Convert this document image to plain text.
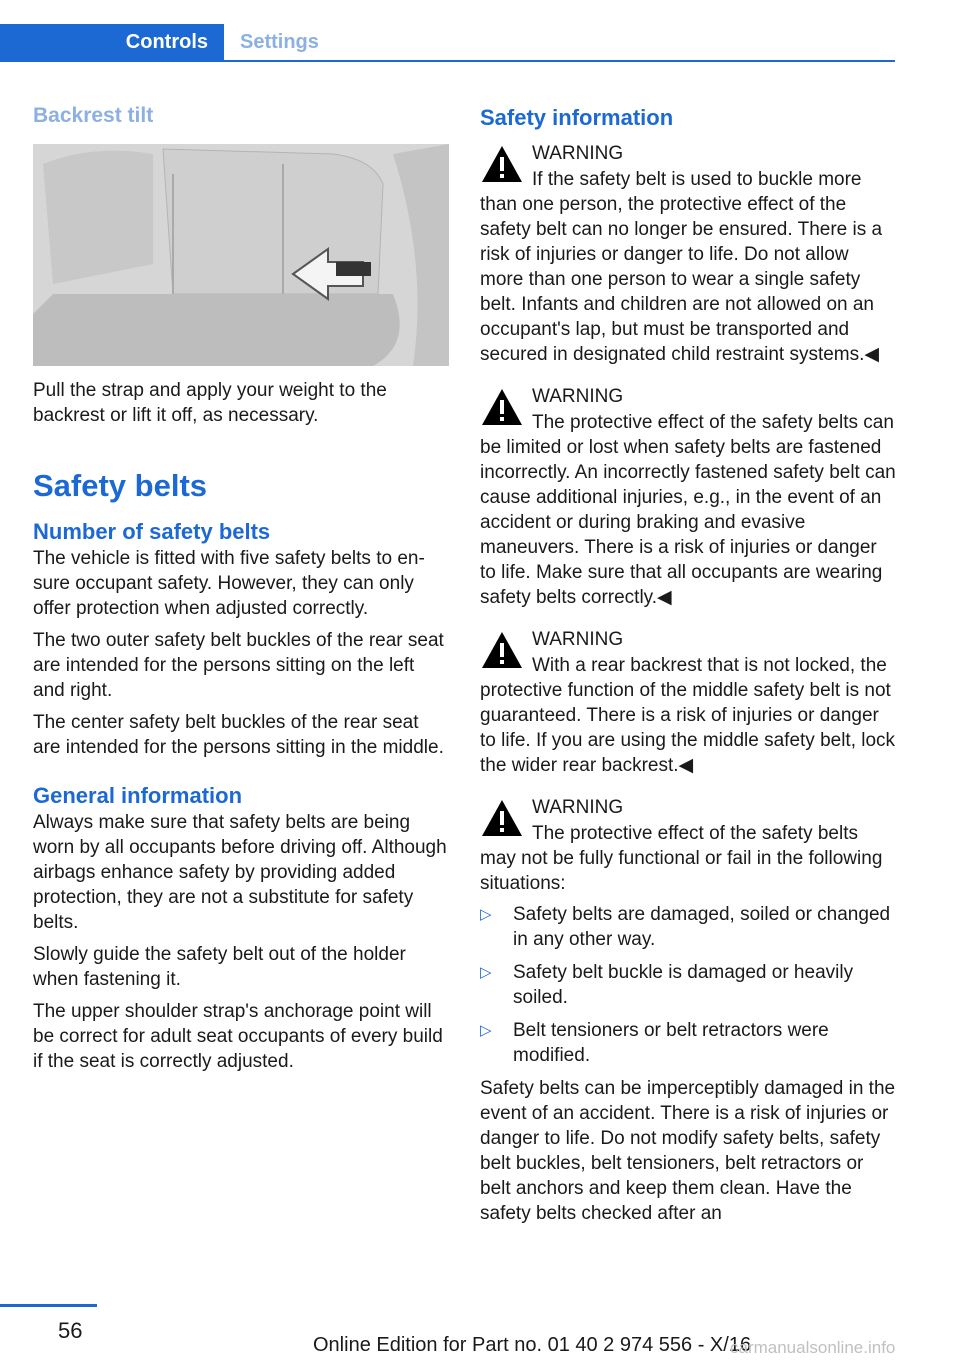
Controls Settings
Backrest tilt

Pull the strap and apply your weight to the backrest or lift it off, as necessary.

Safety belts
Number of safety belts

The vehicle is fitted with five safety belts to ensure occupant safety. However, they can only offer protection when adjusted correctly.

The two outer safety belt buckles of the rear seat are intended for the persons sitting on the left and right.

The center safety belt buckles of the rear seat are intended for the persons sitting in the middle.

General information

Always make sure that safety belts are being worn by all occupants before driving off. Although airbags enhance safety by providing added protection, they are not a substitute for safety belts.

Slowly guide the safety belt out of the holder when fastening it.

The upper shoulder strap's anchorage point will be correct for adult seat occupants of every build if the seat is correctly adjusted.

Safety information
WARNING

If the safety belt is used to buckle more than one person, the protective effect of the safety belt can no longer be ensured. There is a risk of injuries or danger to life. Do not allow more than one person to wear a single safety belt. Infants and children are not allowed on an occupant's lap, but must be transported and secured in designated child restraint systems.◀

WARNING

The protective effect of the safety belts can be limited or lost when safety belts are fastened incorrectly. An incorrectly fastened safety belt can cause additional injuries, e.g., in the event of an accident or during braking and evasive maneuvers. There is a risk of injuries or danger to life. Make sure that all occupants are wearing safety belts correctly.◀

WARNING

With a rear backrest that is not locked, the protective function of the middle safety belt is not guaranteed. There is a risk of injuries or danger to life. If you are using the middle safety belt, lock the wider rear backrest.◀

WARNING

The protective effect of the safety belts may not be fully functional or fail in the following situations:

▷ Safety belts are damaged, soiled or changed in any other way.
▷ Safety belt buckle is damaged or heavily soiled.
▷ Belt tensioners or belt retractors were modified.

Safety belts can be imperceptibly damaged in the event of an accident. There is a risk of injuries or danger to life. Do not modify safety belts, safety belt buckles, belt tensioners, belt retractors or belt anchors and keep them clean. Have the safety belts checked after an

56
Online Edition for Part no. 01 40 2 974 556 - X/16
carmanualsonline.info
